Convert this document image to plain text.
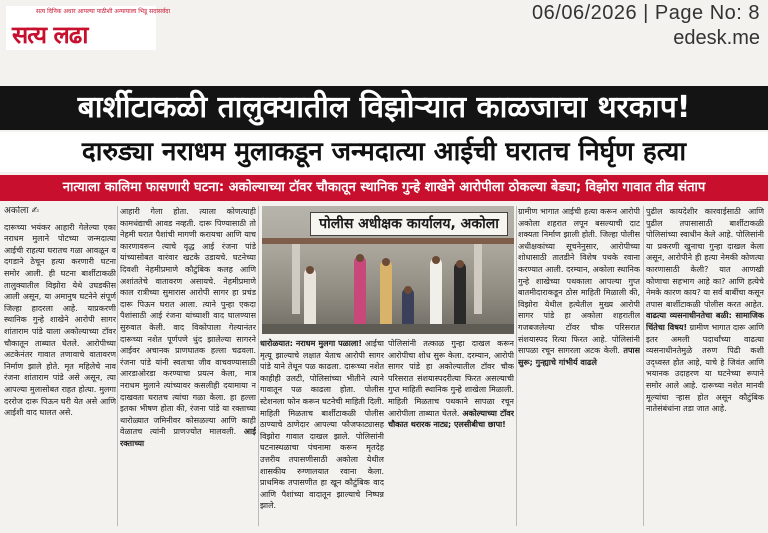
सत्य दिनिक अधार आपल्या पाठीशी अन्यायाला भिडू सदासर्वदा
सत्य लढा
06/06/2026 | Page No: 8
edesk.me
बार्शीटाकळी तालुक्यातील विझोऱ्यात काळजाचा थरकाप!
दारुड्या नराधम मुलाकडून जन्मदात्या आईची घरातच निर्घृण हत्या
नात्याला कालिमा फासणारी घटना: अकोल्याच्या टॉवर चौकातून स्थानिक गुन्हे शाखेने आरोपीला ठोकल्या बेड्या; विझोरा गावात तीव्र संताप
अकोला ✍
दारूच्या भयंकर आहारी गेलेल्या एका नराधम मुलाने पोटच्या जन्मदात्या आईची राहत्या घरातच गळा आवळून व दगडाने ठेचून हत्या करणारी घटना समोर आली. ही घटना बार्शीटाकळी तालुक्यातील विझोरा येथे उघडकीस आली असून, या अमानुष घटनेने संपूर्ण जिल्हा हादरला आहे. याप्रकरणी स्थानिक गुन्हे शाखेने आरोपी सागर शांताराम पांडे याला अकोल्याच्या टॉवर चौकातून ताब्यात घेतले. आरोपीच्या अटकेनंतर गावात तणावाचे वातावरण निर्माण झाले होते. मृत महिलेचे नाव रंजना शांताराम पांडे असे असून, त्या आपल्या मुलासोबत राहत होत्या. मुलगा दररोज दारू पिऊन घरी येत असे आणि आईशी वाद घालत असे.
आहारी गेला होता. त्याला कोणत्याही कामधंद्याची आवड नव्हती. दारू पिण्यासाठी तो नेहमी घरात पैशांची मागणी करायचा आणि याच कारणावरून त्याचे वृद्ध आई रंजना पांडे यांच्यासोबत वारंवार खटके उडायचे. घटनेच्या दिवशी नेहमीप्रमाणे कौटुंबिक कलह आणि अशांततेचे वातावरण असायचे. नेहमीप्रमाणे काल रात्रीच्या सुमारास आरोपी सागर हा प्रचंड दारू पिऊन घरात आला. त्याने पुन्हा एकदा पैशांसाठी आई रंजना यांच्याशी वाद घालण्यास सुरुवात केली. वाद विकोपाला गेल्यानंतर दारूच्या नशेत पूर्णपणे धुंद झालेल्या सागरने आईवर अचानक प्राणघातक हल्ला चढवला. रंजना पांडे यांनी स्वतःचा जीव वाचवण्यासाठी आरडाओरडा करण्याचा प्रयत्न केला, मात्र नराधम मुलाने त्यांच्यावर कसलीही दयामाया न दाखवता घरातच त्यांचा गळा केला. हा हल्ला इतका भीषण होता की, रंजना पांडे या रक्ताच्या थारोळ्यात जमिनीवर कोसळल्या आणि काही वेळातच त्यांनी प्राणज्योत मालवली. आई रक्ताच्या
पोलीस अधीक्षक कार्यालय, अकोला
धारोळयात: नराधम मुलगा पळाला! आईचा मृत्यू झाल्याचे लक्षात येताच आरोपी सागर पांडे याने तेथून पळ काढला. दारूच्या नशेत काहीही उलटी, पोलिसांच्या भीतीने त्याने गावातून पळ काढला होता. पोलीस स्टेशनला फोन करून घटनेची माहिती दिली. माहिती मिळताच बार्शीटाकळी पोलीस ठाण्याचे ठाणेदार आपल्या फौजफाट्यासह विझोरा गावात दाखल झाले. पोलिसांनी घटनास्थळाचा पंचनामा करून मृतदेह उत्तरीय तपासणीसाठी अकोला येथील शासकीय रुग्णालयात रवाना केला. प्राथमिक तपासणीत हा खून कौटुंबिक वाद आणि पैशांच्या वादातून झाल्याचे निष्पन्न झाले.
पोलिसांनी तत्काळ गुन्हा दाखल करून आरोपीचा शोध सुरू केला. दरम्यान, आरोपी सागर पांडे हा अकोल्यातील टॉवर चौक परिसरात संशयास्पदरीत्या फिरत असल्याची गुप्त माहिती स्थानिक गुन्हे शाखेला मिळाली. माहिती मिळताच पथकाने सापळा रचून आरोपीला ताब्यात घेतले. अकोल्याच्या टॉवर चौकात थरारक नाट्य; एलसीबीचा छापा!
ग्रामीण भागात आईची हत्या करून आरोपी अकोला शहरात लपून बसल्याची दाट शक्यता निर्माण झाली होती. जिल्हा पोलीस अधीक्षकांच्या सूचनेनुसार, आरोपीच्या शोधासाठी तातडीने विशेष पथके रवाना करण्यात आली. दरम्यान, अकोला स्थानिक गुन्हे शाखेच्या पथकाला आपल्या गुप्त बातमीदाराकडून ठोस माहिती मिळाली की, विझोरा येथील हत्येतील मुख्य आरोपी सागर पांडे हा अकोला शहरातील गजबजलेल्या टॉवर चौक परिसरात संशयास्पद रित्या फिरत आहे. पोलिसांनी सापळा रचून सागरला अटक केली. तपास सुरू; गुन्ह्याचे गांभीर्य वाढले
पुढील कायदेशीर कारवाईसाठी आणि पुढील तपासासाठी बार्शीटाकळी पोलिसांच्या स्वाधीन केले आहे. पोलिसांनी या प्रकरणी खुनाचा गुन्हा दाखल केला असून, आरोपीने ही हत्या नेमकी कोणत्या कारणासाठी केली? यात आणखी कोणाचा सहभाग आहे का? आणि हत्येचे नेमके कारण काय? या सर्व बाबींचा कसून तपास बार्शीटाकळी पोलीस करत आहेत. वाढत्या व्यसनाधीनतेचा बळी: सामाजिक चिंतेचा विषय! ग्रामीण भागात दारू आणि इतर अमली पदार्थांच्या वाढत्या व्यसनाधीनतेमुळे तरुण पिढी कशी उद्ध्वस्त होत आहे, याचे हे जिवंत आणि भयानक उदाहरण या घटनेच्या रूपाने समोर आले आहे. दारूच्या नशेत मानवी मूल्यांचा ऱ्हास होत असून कौटुंबिक नातेसंबंधांना तडा जात आहे.
